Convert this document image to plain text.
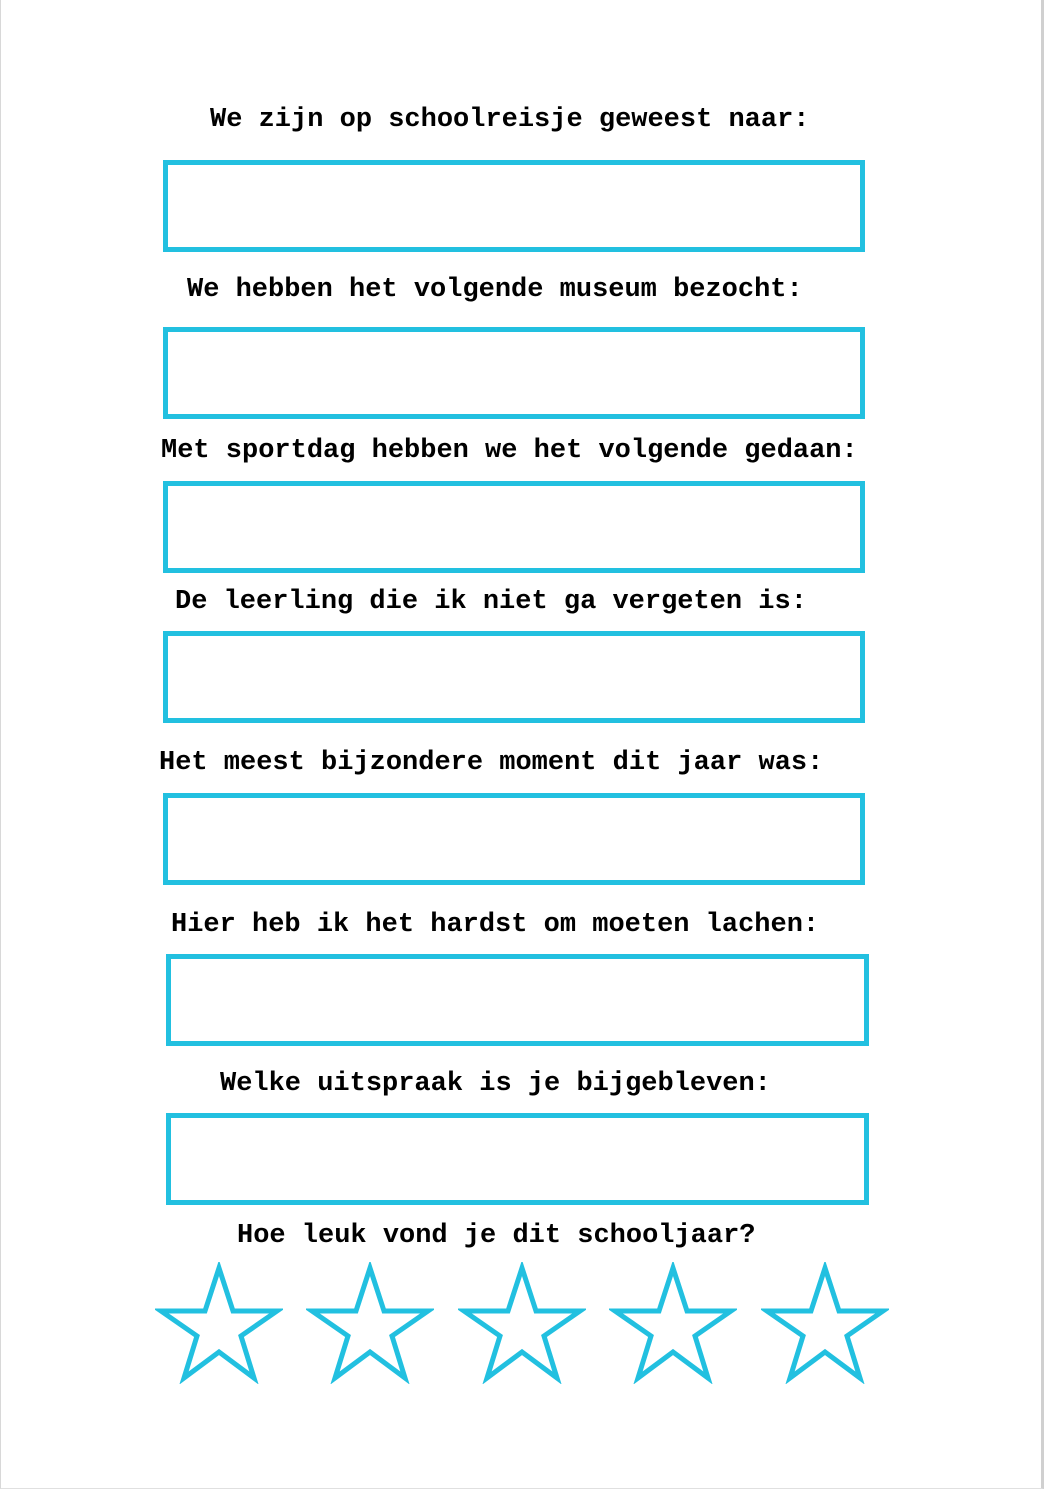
We zijn op schoolreisje geweest naar:
We hebben het volgende museum bezocht:
Met sportdag hebben we het volgende gedaan:
De leerling die ik niet ga vergeten is:
Het meest bijzondere moment dit jaar was:
Hier heb ik het hardst om moeten lachen:
Welke uitspraak is je bijgebleven:
Hoe leuk vond je dit schooljaar?
